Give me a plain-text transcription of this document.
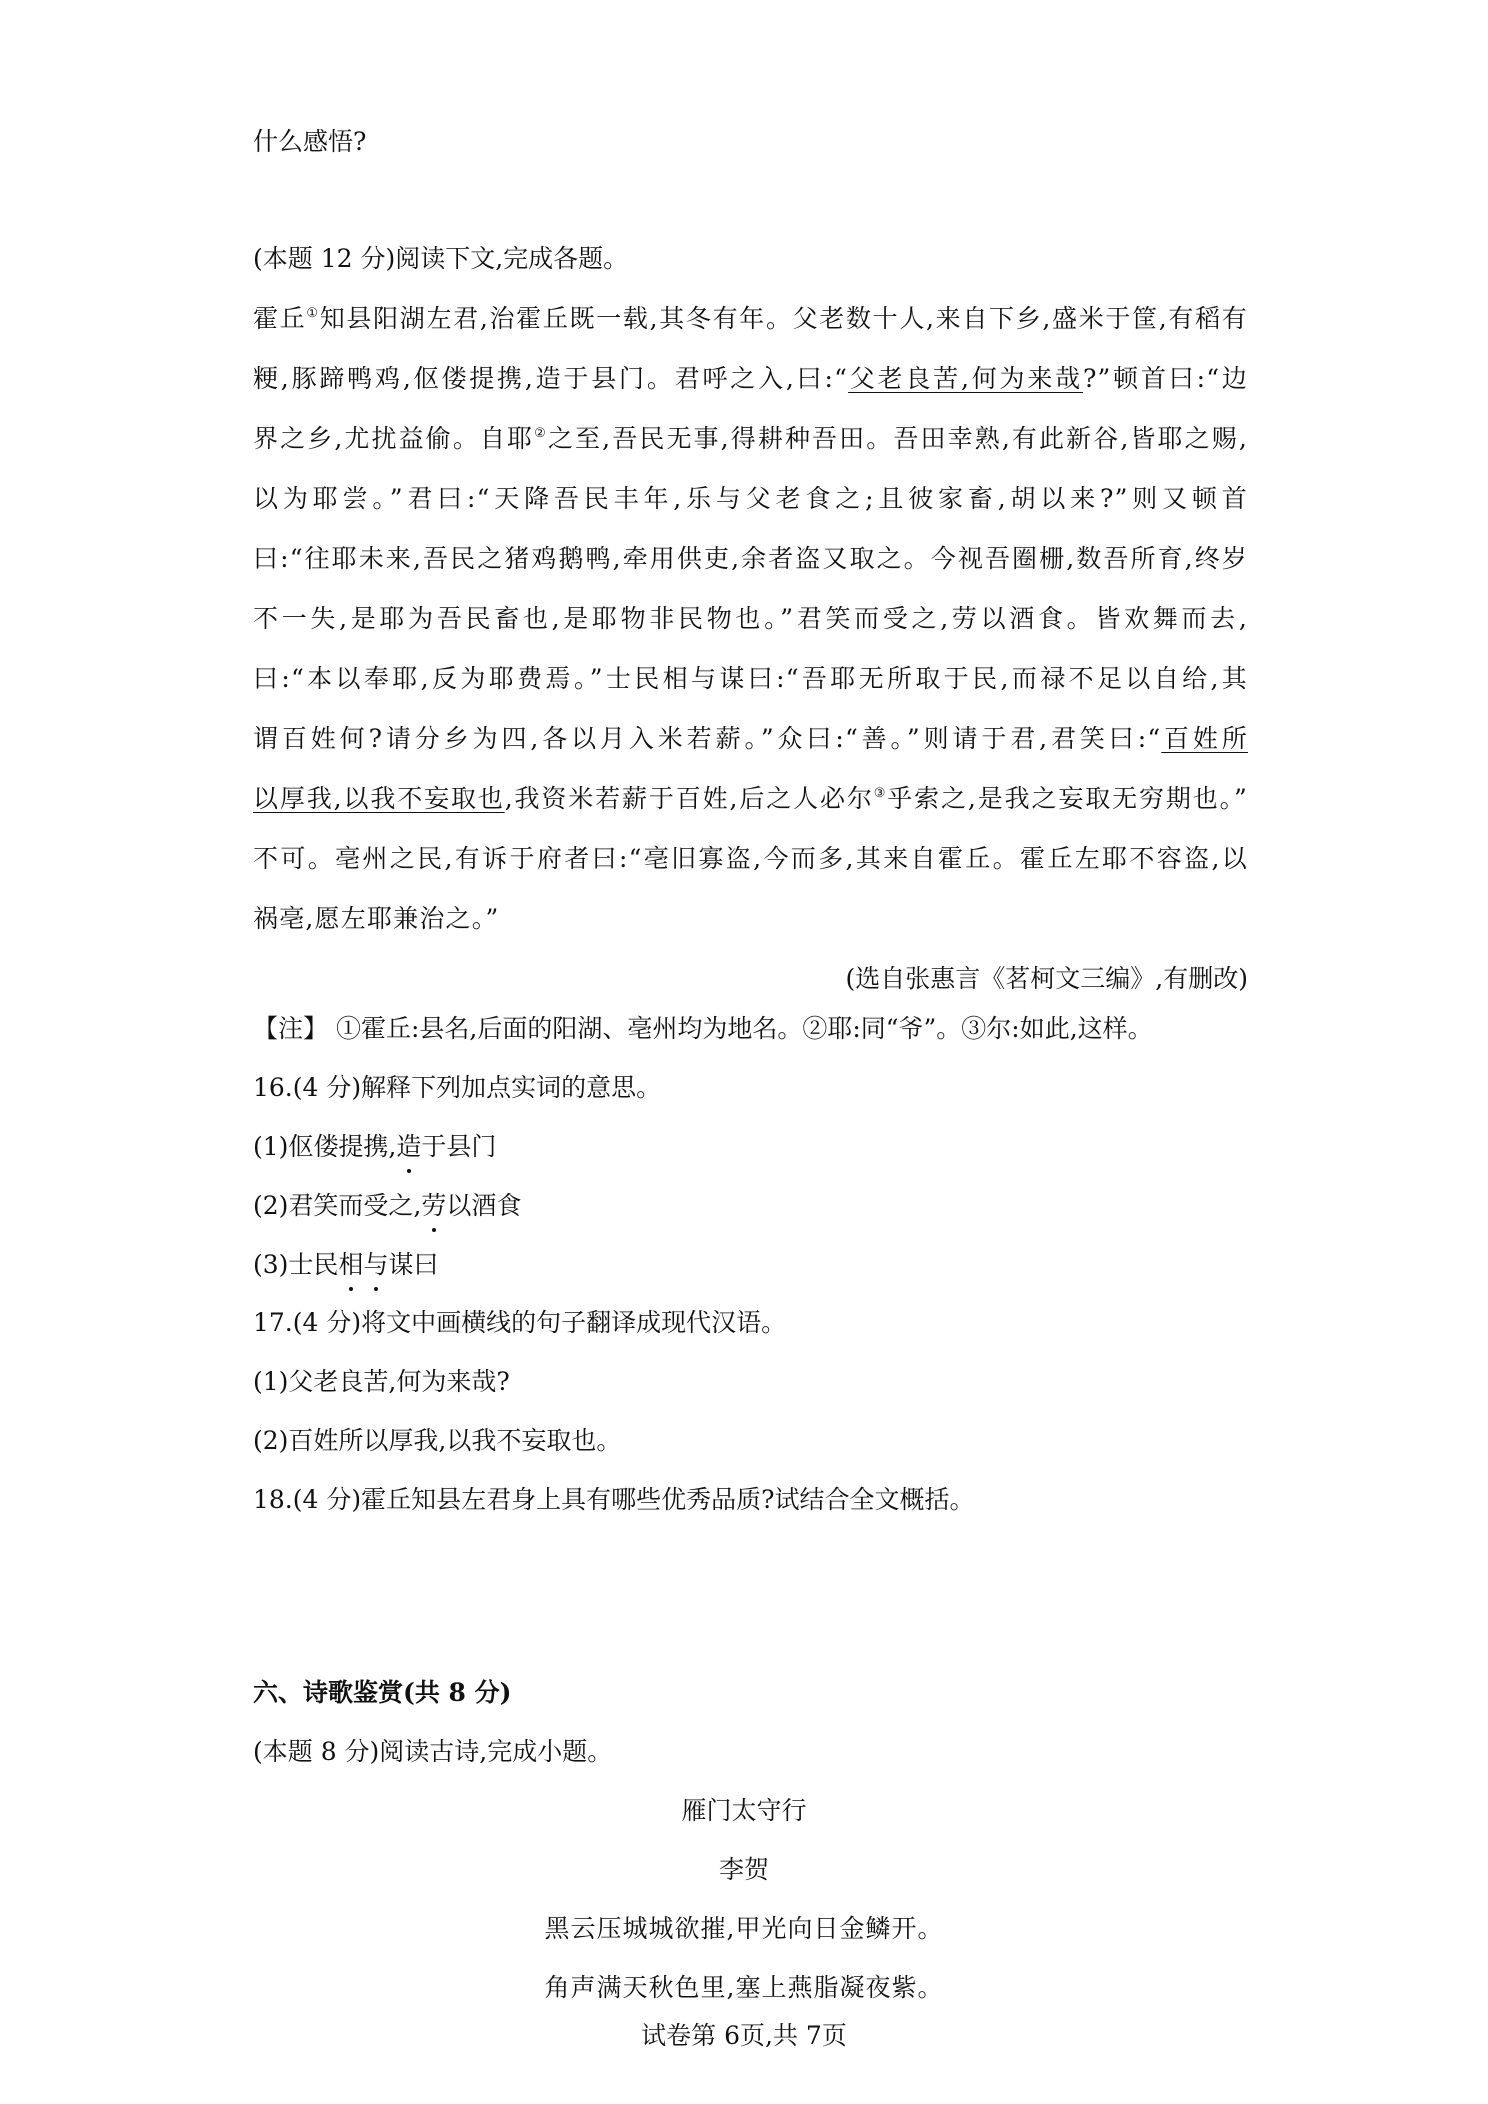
什么感悟?
(本题 12 分)阅读下文,完成各题。
霍丘①知县阳湖左君,治霍丘既一载,其冬有年。父老数十人,来自下乡,盛米于筐,有稻有
粳,豚蹄鸭鸡,伛偻提携,造于县门。君呼之入,曰:“父老良苦,何为来哉?”顿首曰:“边
界之乡,尤扰益偷。自耶②之至,吾民无事,得耕种吾田。吾田幸熟,有此新谷,皆耶之赐,
以为耶尝。”君曰:“天降吾民丰年,乐与父老食之;且彼家畜,胡以来?”则又顿首
曰:“往耶未来,吾民之猪鸡鹅鸭,牵用供吏,余者盗又取之。今视吾圈栅,数吾所育,终岁
不一失,是耶为吾民畜也,是耶物非民物也。”君笑而受之,劳以酒食。皆欢舞而去,
曰:“本以奉耶,反为耶费焉。”士民相与谋曰:“吾耶无所取于民,而禄不足以自给,其
谓百姓何?请分乡为四,各以月入米若薪。”众曰:“善。”则请于君,君笑曰:“百姓所
以厚我,以我不妄取也,我资米若薪于百姓,后之人必尔③乎索之,是我之妄取无穷期也。”
不可。亳州之民,有诉于府者曰:“亳旧寡盗,今而多,其来自霍丘。霍丘左耶不容盗,以
祸亳,愿左耶兼治之。”
(选自张惠言《茗柯文三编》,有删改)
【注】 ①霍丘:县名,后面的阳湖、亳州均为地名。②耶:同“爷”。③尔:如此,这样。
16.(4 分)解释下列加点实词的意思。
(1)伛偻提携,造于县门
(2)君笑而受之,劳以酒食
(3)士民相与谋曰
17.(4 分)将文中画横线的句子翻译成现代汉语。
(1)父老良苦,何为来哉?
(2)百姓所以厚我,以我不妄取也。
18.(4 分)霍丘知县左君身上具有哪些优秀品质?试结合全文概括。
六、诗歌鉴赏(共 8 分)
(本题 8 分)阅读古诗,完成小题。
雁门太守行
李贺
黑云压城城欲摧,甲光向日金鳞开。
角声满天秋色里,塞上燕脂凝夜紫。
试卷第 6页,共 7页
